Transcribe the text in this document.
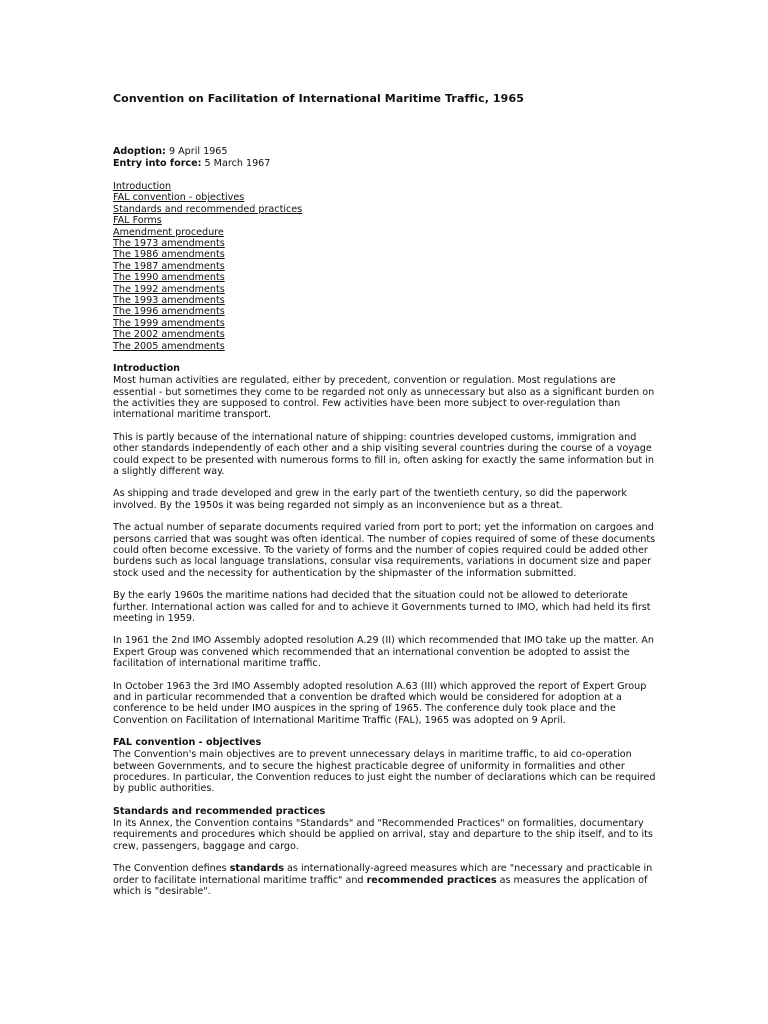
Convention on Facilitation of International Maritime Traffic, 1965
Adoption: 9 April 1965
Entry into force: 5 March 1967
Introduction
FAL convention - objectives
Standards and recommended practices
FAL Forms
Amendment procedure
The 1973 amendments
The 1986 amendments
The 1987 amendments
The 1990 amendments
The 1992 amendments
The 1993 amendments
The 1996 amendments
The 1999 amendments
The 2002 amendments
The 2005 amendments
Introduction

Most human activities are regulated, either by precedent, convention or regulation. Most regulations are essential - but sometimes they come to be regarded not only as unnecessary but also as a significant burden on the activities they are supposed to control. Few activities have been more subject to over-regulation than international maritime transport.

This is partly because of the international nature of shipping: countries developed customs, immigration and other standards independently of each other and a ship visiting several countries during the course of a voyage could expect to be presented with numerous forms to fill in, often asking for exactly the same information but in a slightly different way.

As shipping and trade developed and grew in the early part of the twentieth century, so did the paperwork involved. By the 1950s it was being regarded not simply as an inconvenience but as a threat.

The actual number of separate documents required varied from port to port; yet the information on cargoes and persons carried that was sought was often identical. The number of copies required of some of these documents could often become excessive. To the variety of forms and the number of copies required could be added other burdens such as local language translations, consular visa requirements, variations in document size and paper stock used and the necessity for authentication by the shipmaster of the information submitted.

By the early 1960s the maritime nations had decided that the situation could not be allowed to deteriorate further. International action was called for and to achieve it Governments turned to IMO, which had held its first meeting in 1959.

In 1961 the 2nd IMO Assembly adopted resolution A.29 (II) which recommended that IMO take up the matter. An Expert Group was convened which recommended that an international convention be adopted to assist the facilitation of international maritime traffic.

In October 1963 the 3rd IMO Assembly adopted resolution A.63 (III) which approved the report of Expert Group and in particular recommended that a convention be drafted which would be considered for adoption at a conference to be held under IMO auspices in the spring of 1965. The conference duly took place and the Convention on Facilitation of International Maritime Traffic (FAL), 1965 was adopted on 9 April.

FAL convention - objectives

The Convention's main objectives are to prevent unnecessary delays in maritime traffic, to aid co-operation between Governments, and to secure the highest practicable degree of uniformity in formalities and other procedures. In particular, the Convention reduces to just eight the number of declarations which can be required by public authorities.

Standards and recommended practices

In its Annex, the Convention contains "Standards" and "Recommended Practices" on formalities, documentary requirements and procedures which should be applied on arrival, stay and departure to the ship itself, and to its crew, passengers, baggage and cargo.

The Convention defines standards as internationally-agreed measures which are "necessary and practicable in order to facilitate international maritime traffic" and recommended practices as measures the application of which is "desirable".
